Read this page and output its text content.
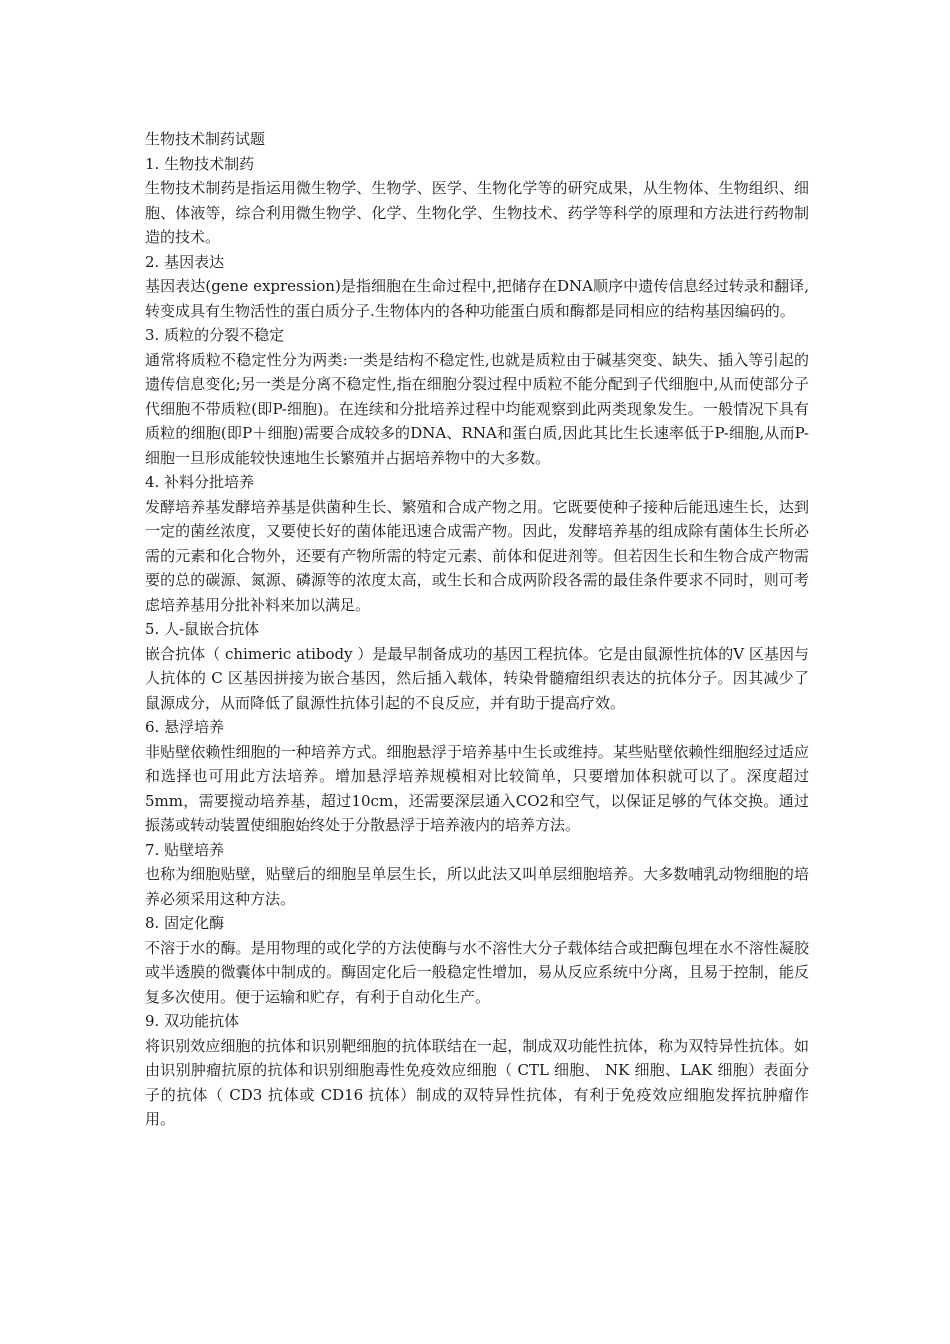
生物技术制药试题

1. 生物技术制药

生物技术制药是指运用微生物学、生物学、医学、生物化学等的研究成果，从生物体、生物组织、细胞、体液等，综合利用微生物学、化学、生物化学、生物技术、药学等科学的原理和方法进行药物制造的技术。

2. 基因表达

基因表达(gene expression)是指细胞在生命过程中,把储存在DNA顺序中遗传信息经过转录和翻译,转变成具有生物活性的蛋白质分子.生物体内的各种功能蛋白质和酶都是同相应的结构基因编码的。

3. 质粒的分裂不稳定

通常将质粒不稳定性分为两类:一类是结构不稳定性,也就是质粒由于碱基突变、缺失、插入等引起的遗传信息变化;另一类是分离不稳定性,指在细胞分裂过程中质粒不能分配到子代细胞中,从而使部分子代细胞不带质粒(即P-细胞)。在连续和分批培养过程中均能观察到此两类现象发生。一般情况下具有质粒的细胞(即P＋细胞)需要合成较多的DNA、RNA和蛋白质,因此其比生长速率低于P-细胞,从而P-细胞一旦形成能较快速地生长繁殖并占据培养物中的大多数。

4. 补料分批培养

发酵培养基发酵培养基是供菌种生长、繁殖和合成产物之用。它既要使种子接种后能迅速生长，达到一定的菌丝浓度，又要使长好的菌体能迅速合成需产物。因此，发酵培养基的组成除有菌体生长所必需的元素和化合物外，还要有产物所需的特定元素、前体和促进剂等。但若因生长和生物合成产物需要的总的碳源、氮源、磷源等的浓度太高，或生长和合成两阶段各需的最佳条件要求不同时，则可考虑培养基用分批补料来加以满足。

5. 人-鼠嵌合抗体

嵌合抗体（ chimeric atibody ）是最早制备成功的基因工程抗体。它是由鼠源性抗体的V 区基因与人抗体的 C 区基因拼接为嵌合基因，然后插入载体，转染骨髓瘤组织表达的抗体分子。因其减少了鼠源成分，从而降低了鼠源性抗体引起的不良反应，并有助于提高疗效。

6. 悬浮培养

非贴壁依赖性细胞的一种培养方式。细胞悬浮于培养基中生长或维持。某些贴壁依赖性细胞经过适应和选择也可用此方法培养。增加悬浮培养规模相对比较简单，只要增加体积就可以了。深度超过5mm，需要搅动培养基，超过10cm，还需要深层通入CO2和空气，以保证足够的气体交换。通过振荡或转动装置使细胞始终处于分散悬浮于培养液内的培养方法。

7. 贴壁培养

也称为细胞贴壁，贴壁后的细胞呈单层生长，所以此法又叫单层细胞培养。大多数哺乳动物细胞的培养必须采用这种方法。

8. 固定化酶

不溶于水的酶。是用物理的或化学的方法使酶与水不溶性大分子载体结合或把酶包埋在水不溶性凝胶或半透膜的微囊体中制成的。酶固定化后一般稳定性增加，易从反应系统中分离，且易于控制，能反复多次使用。便于运输和贮存，有利于自动化生产。

9. 双功能抗体

将识别效应细胞的抗体和识别靶细胞的抗体联结在一起，制成双功能性抗体，称为双特异性抗体。如由识别肿瘤抗原的抗体和识别细胞毒性免疫效应细胞（ CTL 细胞、 NK 细胞、LAK 细胞）表面分子的抗体（ CD3 抗体或 CD16 抗体）制成的双特异性抗体，有利于免疫效应细胞发挥抗肿瘤作用。
